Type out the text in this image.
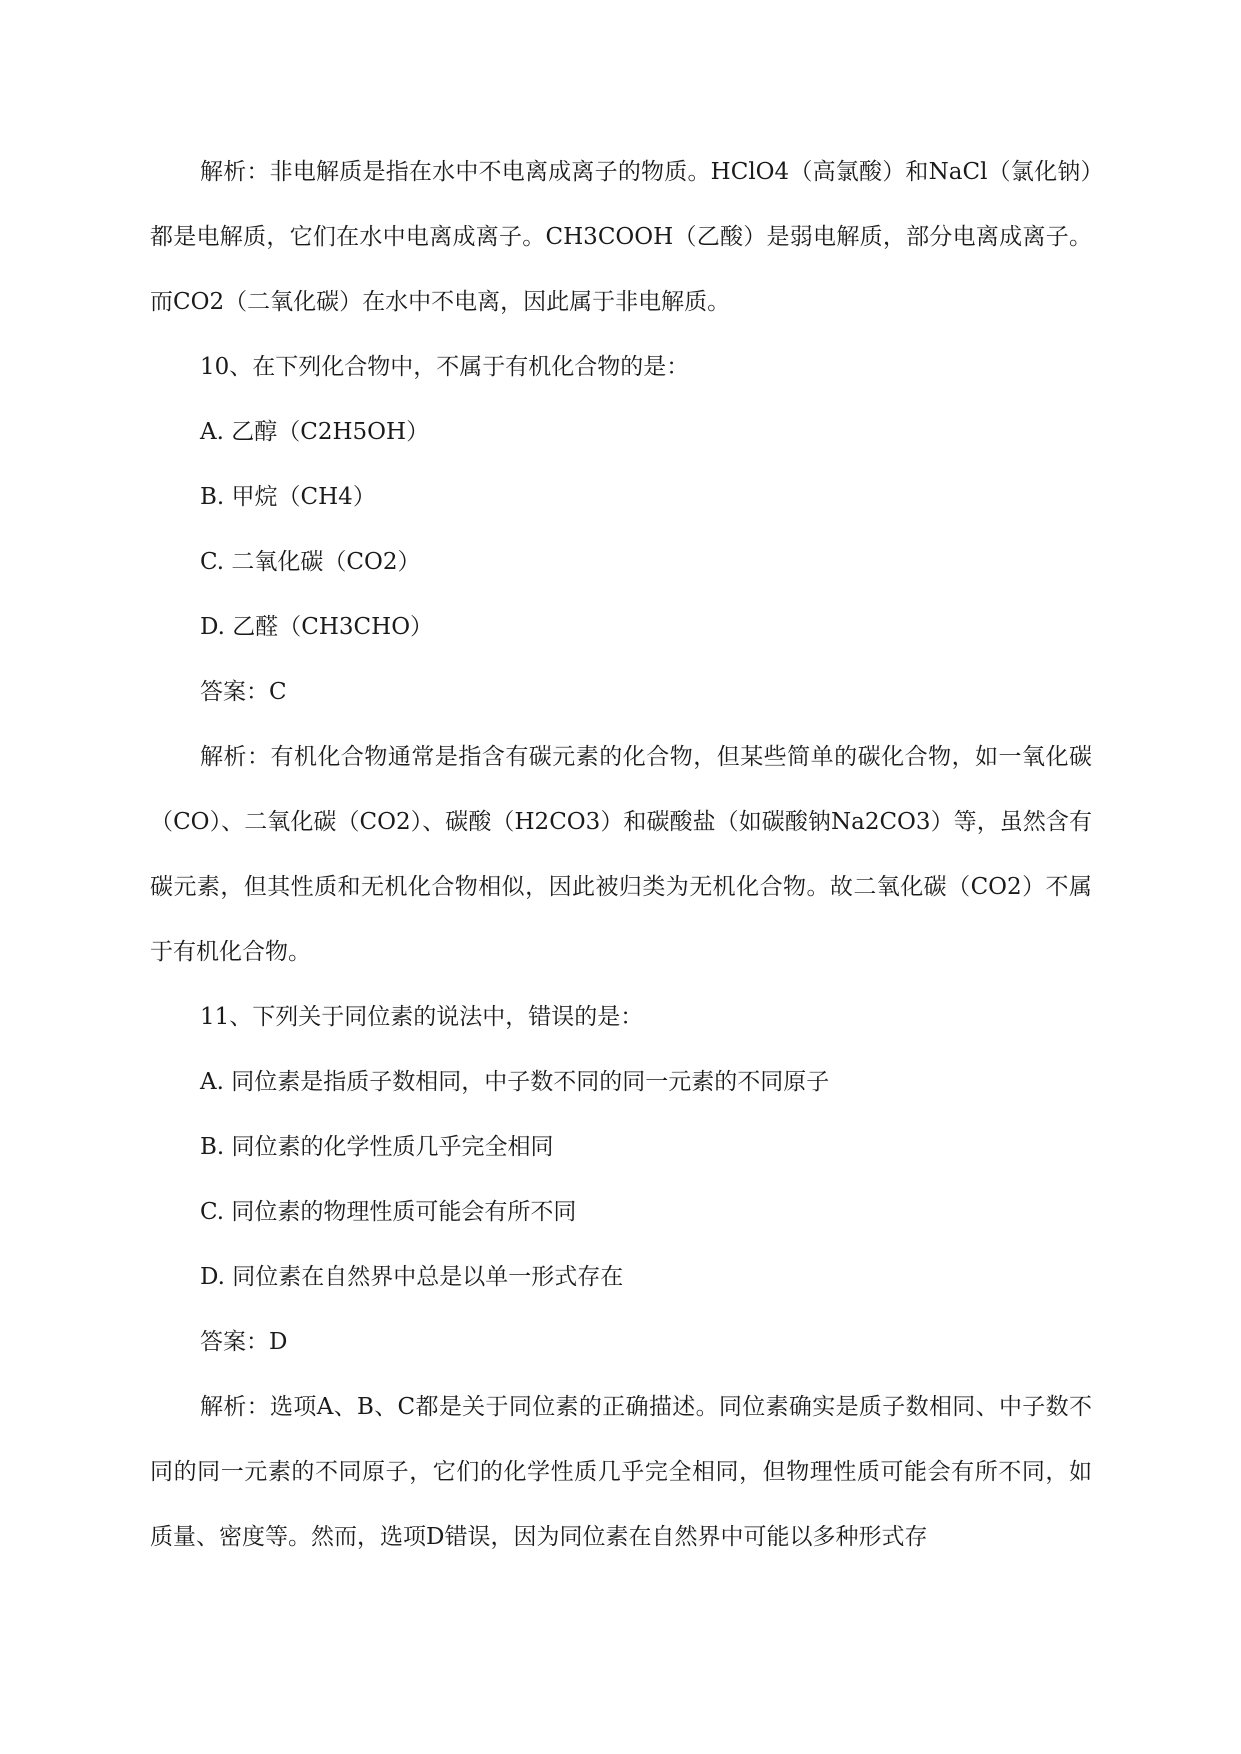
解析：非电解质是指在水中不电离成离子的物质。HClO4（高氯酸）和NaCl（氯化钠）都是电解质，它们在水中电离成离子。CH3COOH（乙酸）是弱电解质，部分电离成离子。而CO2（二氧化碳）在水中不电离，因此属于非电解质。

10、在下列化合物中，不属于有机化合物的是：

A. 乙醇（C2H5OH）

B. 甲烷（CH4）

C. 二氧化碳（CO2）

D. 乙醛（CH3CHO）

答案：C

解析：有机化合物通常是指含有碳元素的化合物，但某些简单的碳化合物，如一氧化碳（CO）、二氧化碳（CO2）、碳酸（H2CO3）和碳酸盐（如碳酸钠Na2CO3）等，虽然含有碳元素，但其性质和无机化合物相似，因此被归类为无机化合物。故二氧化碳（CO2）不属于有机化合物。

11、下列关于同位素的说法中，错误的是：

A. 同位素是指质子数相同，中子数不同的同一元素的不同原子

B. 同位素的化学性质几乎完全相同

C. 同位素的物理性质可能会有所不同

D. 同位素在自然界中总是以单一形式存在

答案：D

解析：选项A、B、C都是关于同位素的正确描述。同位素确实是质子数相同、中子数不同的同一元素的不同原子，它们的化学性质几乎完全相同，但物理性质可能会有所不同，如质量、密度等。然而，选项D错误，因为同位素在自然界中可能以多种形式存
